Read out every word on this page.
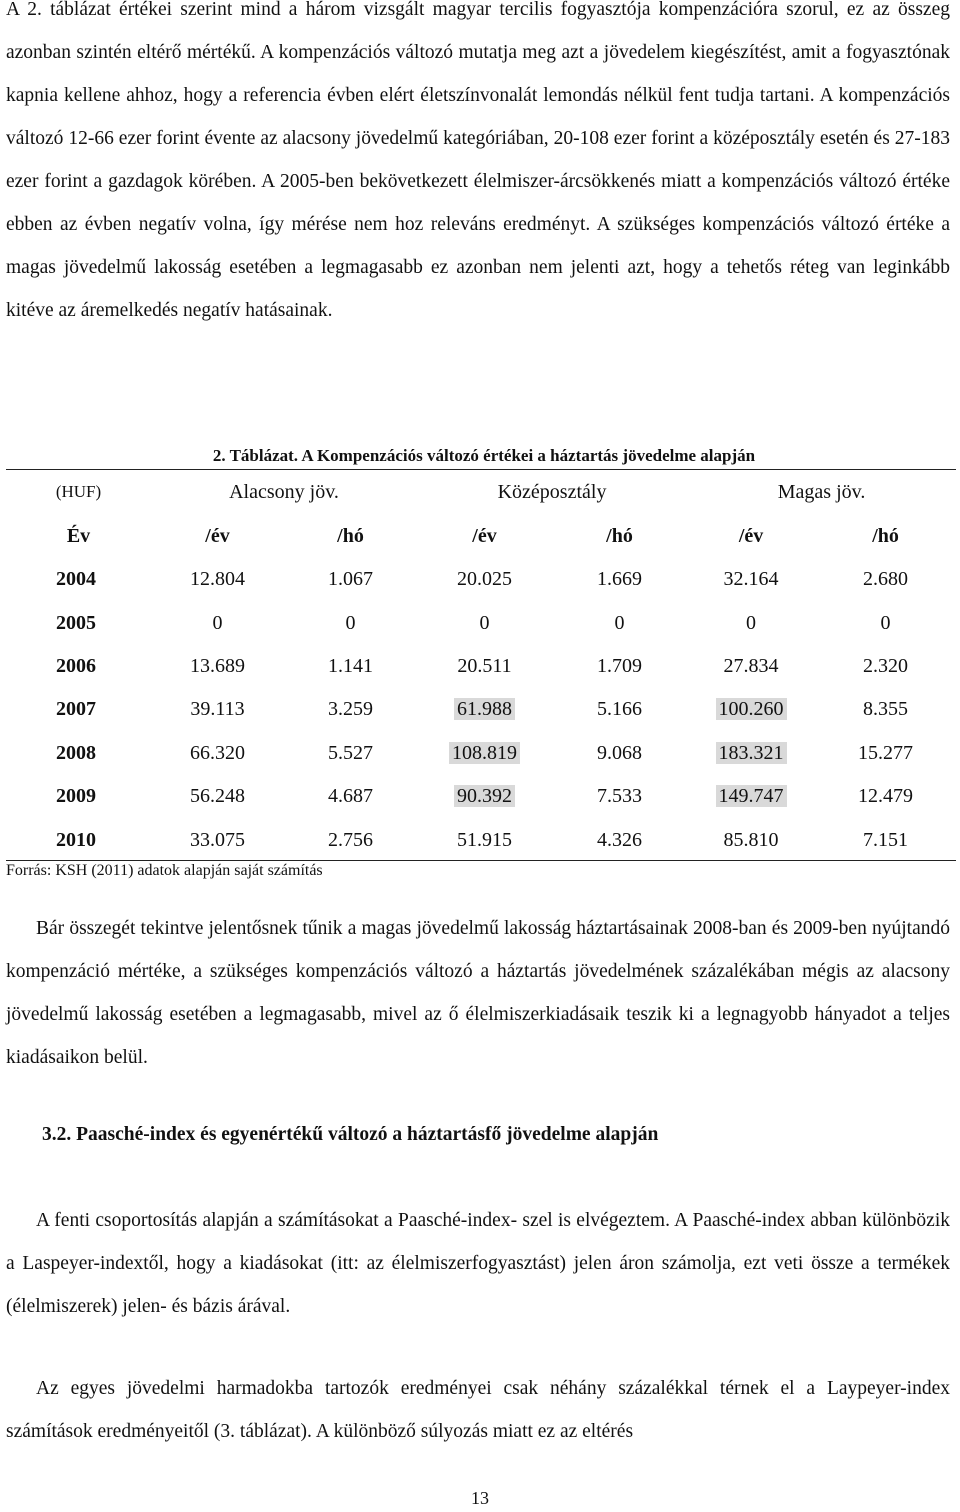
A 2. táblázat értékei szerint mind a három vizsgált magyar tercilis fogyasztója kompenzációra szorul, ez az összeg azonban szintén eltérő mértékű. A kompenzációs változó mutatja meg azt a jövedelem kiegészítést, amit a fogyasztónak kapnia kellene ahhoz, hogy a referencia évben elért életszínvonalát lemondás nélkül fent tudja tartani. A kompenzációs változó 12-66 ezer forint évente az alacsony jövedelmű kategóriában, 20-108 ezer forint a középosztály esetén és 27-183 ezer forint a gazdagok körében. A 2005-ben bekövetkezett élelmiszer-árcsökkenés miatt a kompenzációs változó értéke ebben az évben negatív volna, így mérése nem hoz releváns eredményt. A szükséges kompenzációs változó értéke a magas jövedelmű lakosság esetében a legmagasabb ez azonban nem jelenti azt, hogy a tehetős réteg van leginkább kitéve az áremelkedés negatív hatásainak.

2. Táblázat. A Kompenzációs változó értékei a háztartás jövedelme alapján
(HUF)	Alacsony jöv.		Középosztály		Magas jöv.	
Év	/év	/hó	/év	/hó	/év	/hó
2004	12.804	1.067	20.025	1.669	32.164	2.680
2005	0	0	0	0	0	0
2006	13.689	1.141	20.511	1.709	27.834	2.320
2007	39.113	3.259	61.988	5.166	100.260	8.355
2008	66.320	5.527	108.819	9.068	183.321	15.277
2009	56.248	4.687	90.392	7.533	149.747	12.479
2010	33.075	2.756	51.915	4.326	85.810	7.151
Forrás: KSH (2011) adatok alapján saját számítás

Bár összegét tekintve jelentősnek tűnik a magas jövedelmű lakosság háztartásainak 2008-ban és 2009-ben nyújtandó kompenzáció mértéke, a szükséges kompenzációs változó a háztartás jövedelmének százalékában mégis az alacsony jövedelmű lakosság esetében a legmagasabb, mivel az ő élelmiszerkiadásaik teszik ki a legnagyobb hányadot a teljes kiadásaikon belül.

3.2. Paasché-index és egyenértékű változó a háztartásfő jövedelme alapján

A fenti csoportosítás alapján a számításokat a Paasché-index- szel is elvégeztem. A Paasché-index abban különbözik a Laspeyer-indextől, hogy a kiadásokat (itt: az élelmiszerfogyasztást) jelen áron számolja, ezt veti össze a termékek (élelmiszerek) jelen- és bázis árával.

Az egyes jövedelmi harmadokba tartozók eredményei csak néhány százalékkal térnek el a Laypeyer-index számítások eredményeitől (3. táblázat). A különböző súlyozás miatt ez az eltérés

13
